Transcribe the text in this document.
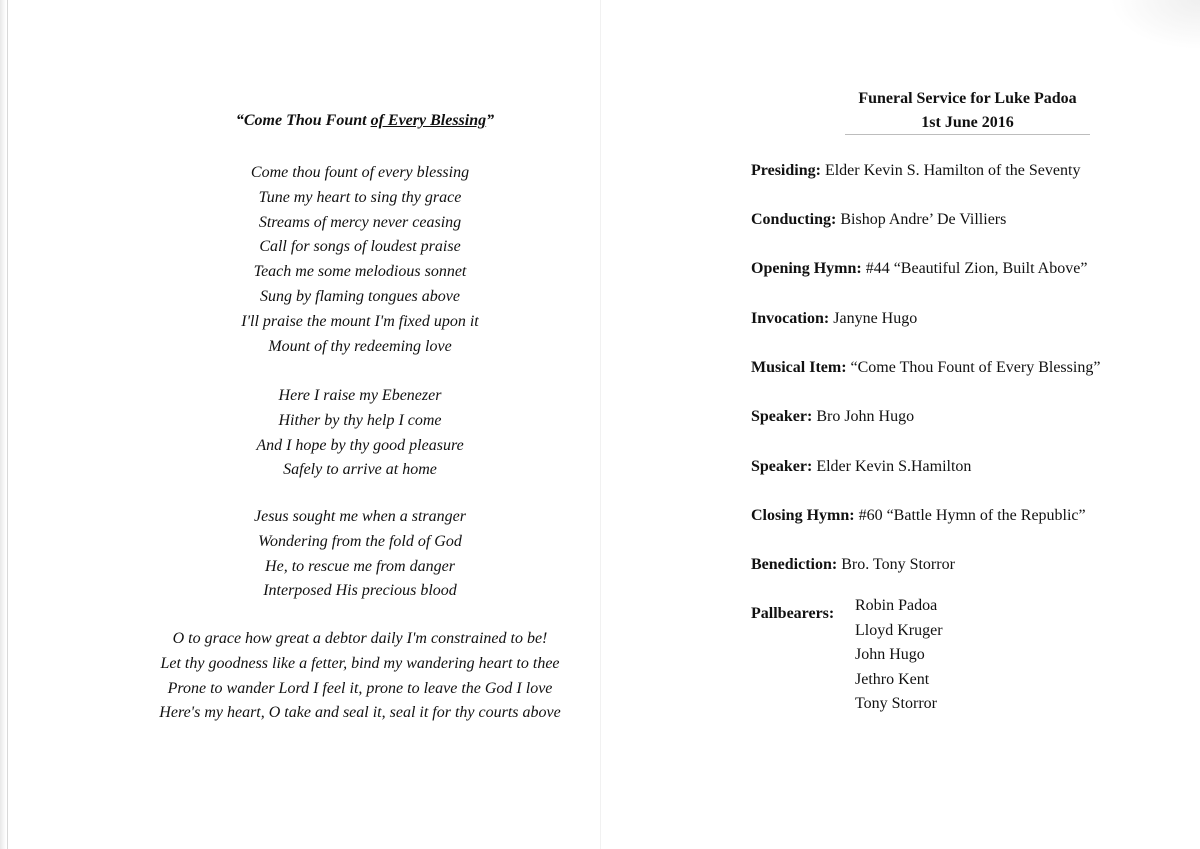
“Come Thou Fount of Every Blessing”
Come thou fount of every blessing
Tune my heart to sing thy grace
Streams of mercy never ceasing
Call for songs of loudest praise
Teach me some melodious sonnet
Sung by flaming tongues above
I'll praise the mount I'm fixed upon it
Mount of thy redeeming love
Here I raise my Ebenezer
Hither by thy help I come
And I hope by thy good pleasure
Safely to arrive at home
Jesus sought me when a stranger
Wondering from the fold of God
He, to rescue me from danger
Interposed His precious blood
O to grace how great a debtor daily I'm constrained to be!
Let thy goodness like a fetter, bind my wandering heart to thee
Prone to wander Lord I feel it, prone to leave the God I love
Here's my heart, O take and seal it, seal it for thy courts above
Funeral Service for Luke Padoa
1st June 2016
Presiding: Elder Kevin S. Hamilton of the Seventy
Conducting: Bishop Andre’ De Villiers
Opening Hymn: #44 “Beautiful Zion, Built Above”
Invocation: Janyne Hugo
Musical Item: “Come Thou Fount of Every Blessing”
Speaker: Bro John Hugo
Speaker: Elder Kevin S.Hamilton
Closing Hymn: #60 “Battle Hymn of the Republic”
Benediction: Bro. Tony Storror
Pallbearers: Robin Padoa
Lloyd Kruger
John Hugo
Jethro Kent
Tony Storror
